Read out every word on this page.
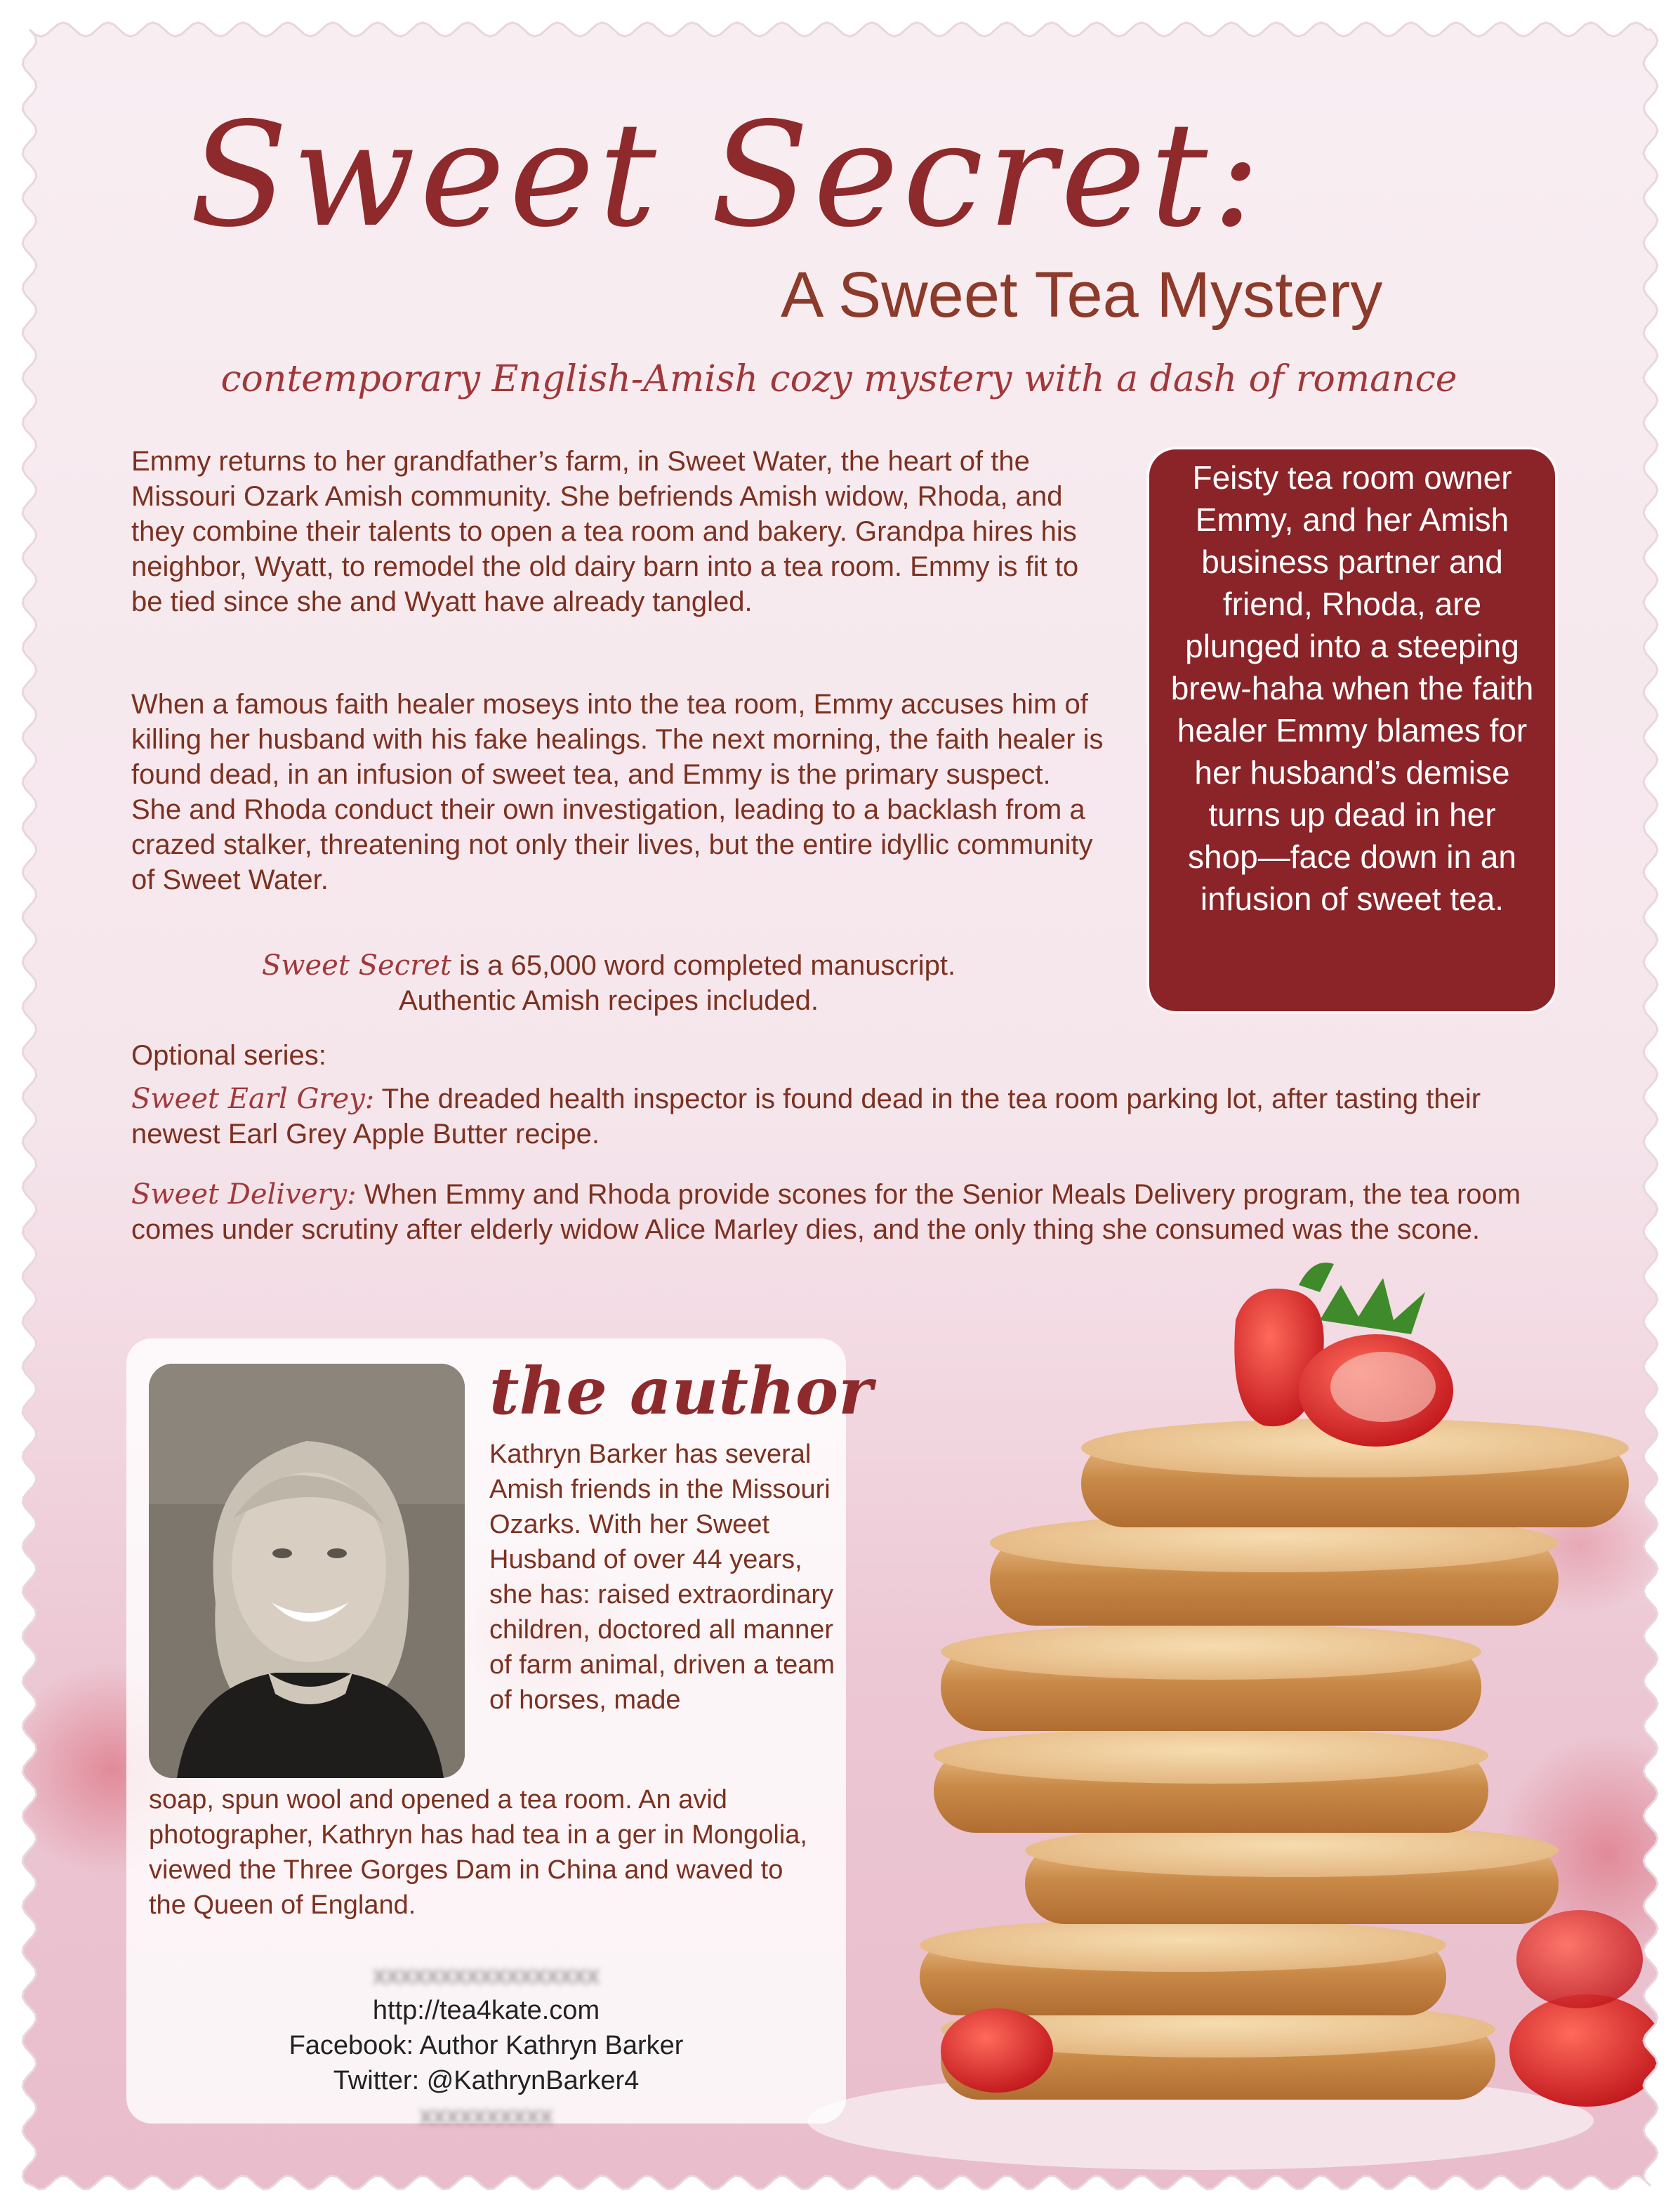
Sweet Secret:
A Sweet Tea Mystery
contemporary English-Amish cozy mystery with a dash of romance

Emmy returns to her grandfather’s farm, in Sweet Water, the heart of the Missouri Ozark Amish community. She befriends Amish widow, Rhoda, and they combine their talents to open a tea room and bakery. Grandpa hires his neighbor, Wyatt, to remodel the old dairy barn into a tea room. Emmy is fit to be tied since she and Wyatt have already tangled.

When a famous faith healer moseys into the tea room, Emmy accuses him of killing her husband with his fake healings. The next morning, the faith healer is found dead, in an infusion of sweet tea, and Emmy is the primary suspect. She and Rhoda conduct their own investigation, leading to a backlash from a crazed stalker, threatening not only their lives, but the entire idyllic community of Sweet Water.

Sweet Secret is a 65,000 word completed manuscript.
Authentic Amish recipes included.

Optional series:

Sweet Earl Grey: The dreaded health inspector is found dead in the tea room parking lot, after tasting their newest Earl Grey Apple Butter recipe.

Sweet Delivery: When Emmy and Rhoda provide scones for the Senior Meals Delivery program, the tea room comes under scrutiny after elderly widow Alice Marley dies, and the only thing she consumed was the scone.

Feisty tea room owner Emmy, and her Amish business partner and friend, Rhoda, are plunged into a steeping brew-haha when the faith healer Emmy blames for her husband’s demise turns up dead in her shop—face down in an infusion of sweet tea.

the author

Kathryn Barker has several Amish friends in the Missouri Ozarks. With her Sweet Husband of over 44 years, she has: raised extraordinary children, doctored all manner of farm animal, driven a team of horses, made

soap, spun wool and opened a tea room. An avid photographer, Kathryn has had tea in a ger in Mongolia, viewed the Three Gorges Dam in China and waved to the Queen of England.

xxxxxxxxxxxxxxxxx
http://tea4kate.com
Facebook: Author Kathryn Barker
Twitter: @KathrynBarker4
xxxxxxxxxx
